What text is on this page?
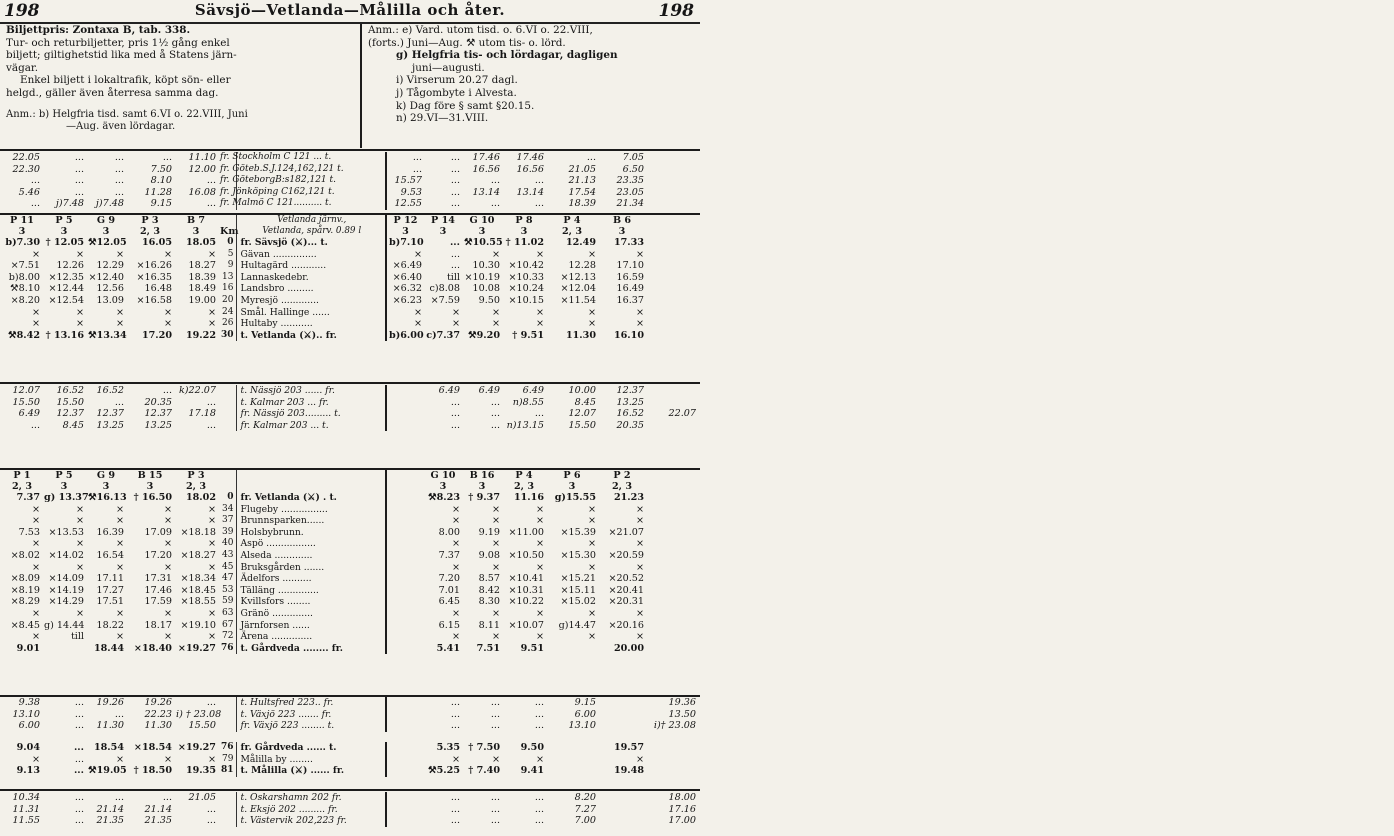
198	Sävsjö—Vetlanda—Målilla och åter.	198

Biljettpris: Zontaxa B, tab. 338.

Tur- och returbiljetter, pris 1½ gång enkel

biljett; giltighetstid lika med å Statens järn-

vägar.

Enkel biljett i lokaltrafik, köpt sön- eller

helgd., gäller även återresa samma dag.

Anm.: b) Helgfria tisd. samt 6.VI o. 22.VIII, Juni

—Aug. även lördagar.

Anm.: e) Vard. utom tisd. o. 6.VI o. 22.VIII,

(forts.) Juni—Aug. ⚒ utom tis- o. lörd.

g) Helgfria tis- och lördagar, dagligen

juni—augusti.

i) Virserum 20.27 dagl.

j) Tågombyte i Alvesta.

k) Dag före § samt §20.15.

n) 29.VI—31.VIII.

22.05	...	...	...	11.10	fr. Stockholm C 121 ... t.		...	...	17.46	17.46	...	7.05	
22.30	...	...	7.50	12.00	fr. Göteb.S.J.124,162,121 t.		...	...	16.56	16.56	21.05	6.50	
...	...	...	8.10	...	fr. GöteborgB:s182,121 t.		15.57	...	...	...	21.13	23.35	
5.46	...	...	11.28	16.08	fr. Jönköping C162,121 t.		9.53	...	13.14	13.14	17.54	23.05	
...	j)7.48	j)7.48	9.15	...	fr. Malmö C 121.......... t.		12.55	...	...	...	18.39	21.34	
P 11	P 5	G 9	P 3	B 7		Vetlanda järnv.,	P 12	P 14	G 10	P 8	P 4	B 6	
3	3	3	2, 3	3	Km	Vetlanda, spårv. 0.89 l	3	3	3	3	2, 3	3	

b)7.30	† 12.05	⚒12.05	16.05	18.05	0	fr. Sävsjö (⚔)... t.	b)7.10	...	⚒10.55	† 11.02	12.49	17.33	
×	×	×	×	×	5	Gävan ...............	×	...	×	×	×	×	
×7.51	12.26	12.29	×16.26	18.27	9	Hultagärd ............	×6.49	...	10.30	×10.42	12.28	17.10	
b)8.00	×12.35	×12.40	×16.35	18.39	13	Lannaskedebr.	×6.40	till	×10.19	×10.33	×12.13	16.59	
⚒8.10	×12.44	12.56	16.48	18.49	16	Landsbro .........	×6.32	c)8.08	10.08	×10.24	×12.04	16.49	
×8.20	×12.54	13.09	×16.58	19.00	20	Myresjö .............	×6.23	×7.59	9.50	×10.15	×11.54	16.37	
×	×	×	×	×	24	Smål. Hallinge ......	×	×	×	×	×	×	
×	×	×	×	×	26	Hultaby ...........	×	×	×	×	×	×	
⚒8.42	† 13.16	⚒13.34	17.20	19.22	30	t. Vetlanda (⚔).. fr.	b)6.00	c)7.37	⚒9.20	† 9.51	11.30	16.10	
12.07	16.52	16.52	...	k)22.07		t. Nässjö 203 ...... fr.		6.49	6.49	6.49	10.00	12.37	
15.50	15.50	...	20.35	...		t. Kalmar 203 ... fr.		...	...	n)8.55	8.45	13.25	
6.49	12.37	12.37	12.37	17.18		fr. Nässjö 203......... t.		...	...	...	12.07	16.52	22.07
...	8.45	13.25	13.25	...		fr. Kalmar 203 ... t.		...	...	n)13.15	15.50	20.35	
P 1	P 5	G 9	B 15	P 3				G 10	B 16	P 4	P 6	P 2	
2, 3	3	3	3	2, 3				3	3	2, 3	3	2, 3	

7.37	g) 13.37	⚒16.13	† 16.50	18.02	0	fr. Vetlanda (⚔) . t.		⚒8.23	† 9.37	11.16	g)15.55	21.23	
×	×	×	×	×	34	Flugeby ................		×	×	×	×	×	
×	×	×	×	×	37	Brunnsparken......		×	×	×	×	×	
7.53	×13.53	16.39	17.09	×18.18	39	Holsbybrunn.		8.00	9.19	×11.00	×15.39	×21.07	
×	×	×	×	×	40	Aspö .................		×	×	×	×	×	
×8.02	×14.02	16.54	17.20	×18.27	43	Alseda .............		7.37	9.08	×10.50	×15.30	×20.59	
×	×	×	×	×	45	Bruksgården .......		×	×	×	×	×	
×8.09	×14.09	17.11	17.31	×18.34	47	Ädelfors ..........		7.20	8.57	×10.41	×15.21	×20.52	
×8.19	×14.19	17.27	17.46	×18.45	53	Tälläng ..............		7.01	8.42	×10.31	×15.11	×20.41	
×8.29	×14.29	17.51	17.59	×18.55	59	Kvillsfors ........		6.45	8.30	×10.22	×15.02	×20.31	
×	×	×	×	×	63	Gränö ..............		×	×	×	×	×	
×8.45	g) 14.44	18.22	18.17	×19.10	67	Järnforsen ......		6.15	8.11	×10.07	g)14.47	×20.16	
×	till	×	×	×	72	Ärena ..............		×	×	×	×	×	
9.01		18.44	×18.40	×19.27	76	t. Gårdveda ........ fr.		5.41	7.51	9.51		20.00	
9.38	...	19.26	19.26	...		t. Hultsfred 223.. fr.		...	...	...	9.15		19.36
13.10	...	...	22.23	i) † 23.08		t. Växjö 223 ....... fr.		...	...	...	6.00		13.50
6.00	...	11.30	11.30	15.50		fr. Växjö 223 ........ t.		...	...	...	13.10		i)† 23.08
9.04	...	18.54	×18.54	×19.27	76	fr. Gårdveda ...... t.		5.35	† 7.50	9.50		19.57	
×	...	×	×	×	79	Målilla by ........		×	×	×		×	
9.13	...	⚒19.05	† 18.50	19.35	81	t. Målilla (⚔) ...... fr.		⚒5.25	† 7.40	9.41		19.48	
10.34	...	...	...	21.05		t. Oskarshamn 202 fr.		...	...	...	8.20		18.00
11.31	...	21.14	21.14	...		t. Eksjö 202 ......... fr.		...	...	...	7.27		17.16
11.55	...	21.35	21.35	...		t. Västervik 202,223 fr.		...	...	...	7.00		17.00
